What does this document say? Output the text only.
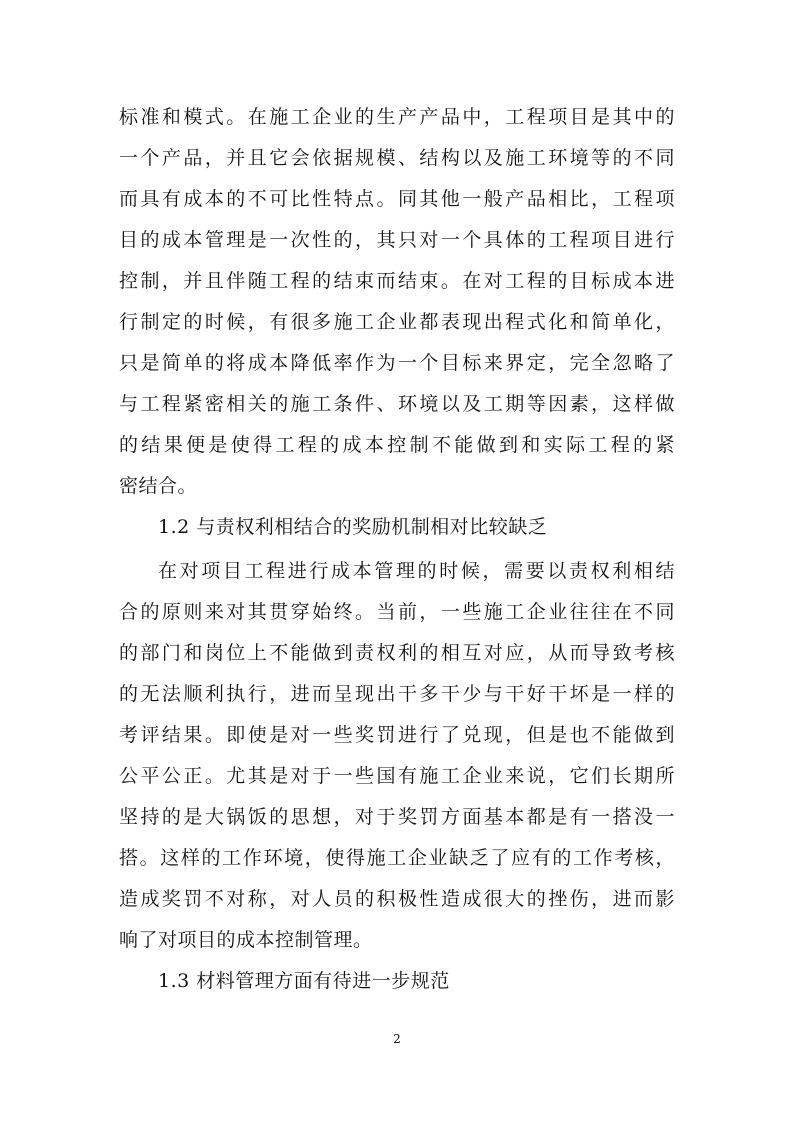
标准和模式。在施工企业的生产产品中，工程项目是其中的
一个产品，并且它会依据规模、结构以及施工环境等的不同
而具有成本的不可比性特点。同其他一般产品相比，工程项
目的成本管理是一次性的，其只对一个具体的工程项目进行
控制，并且伴随工程的结束而结束。在对工程的目标成本进
行制定的时候，有很多施工企业都表现出程式化和简单化，
只是简单的将成本降低率作为一个目标来界定，完全忽略了
与工程紧密相关的施工条件、环境以及工期等因素，这样做
的结果便是使得工程的成本控制不能做到和实际工程的紧
密结合。
1.2 与责权利相结合的奖励机制相对比较缺乏
在对项目工程进行成本管理的时候，需要以责权利相结
合的原则来对其贯穿始终。当前，一些施工企业往往在不同
的部门和岗位上不能做到责权利的相互对应，从而导致考核
的无法顺利执行，进而呈现出干多干少与干好干坏是一样的
考评结果。即使是对一些奖罚进行了兑现，但是也不能做到
公平公正。尤其是对于一些国有施工企业来说，它们长期所
坚持的是大锅饭的思想，对于奖罚方面基本都是有一搭没一
搭。这样的工作环境，使得施工企业缺乏了应有的工作考核，
造成奖罚不对称，对人员的积极性造成很大的挫伤，进而影
响了对项目的成本控制管理。
1.3 材料管理方面有待进一步规范
2
